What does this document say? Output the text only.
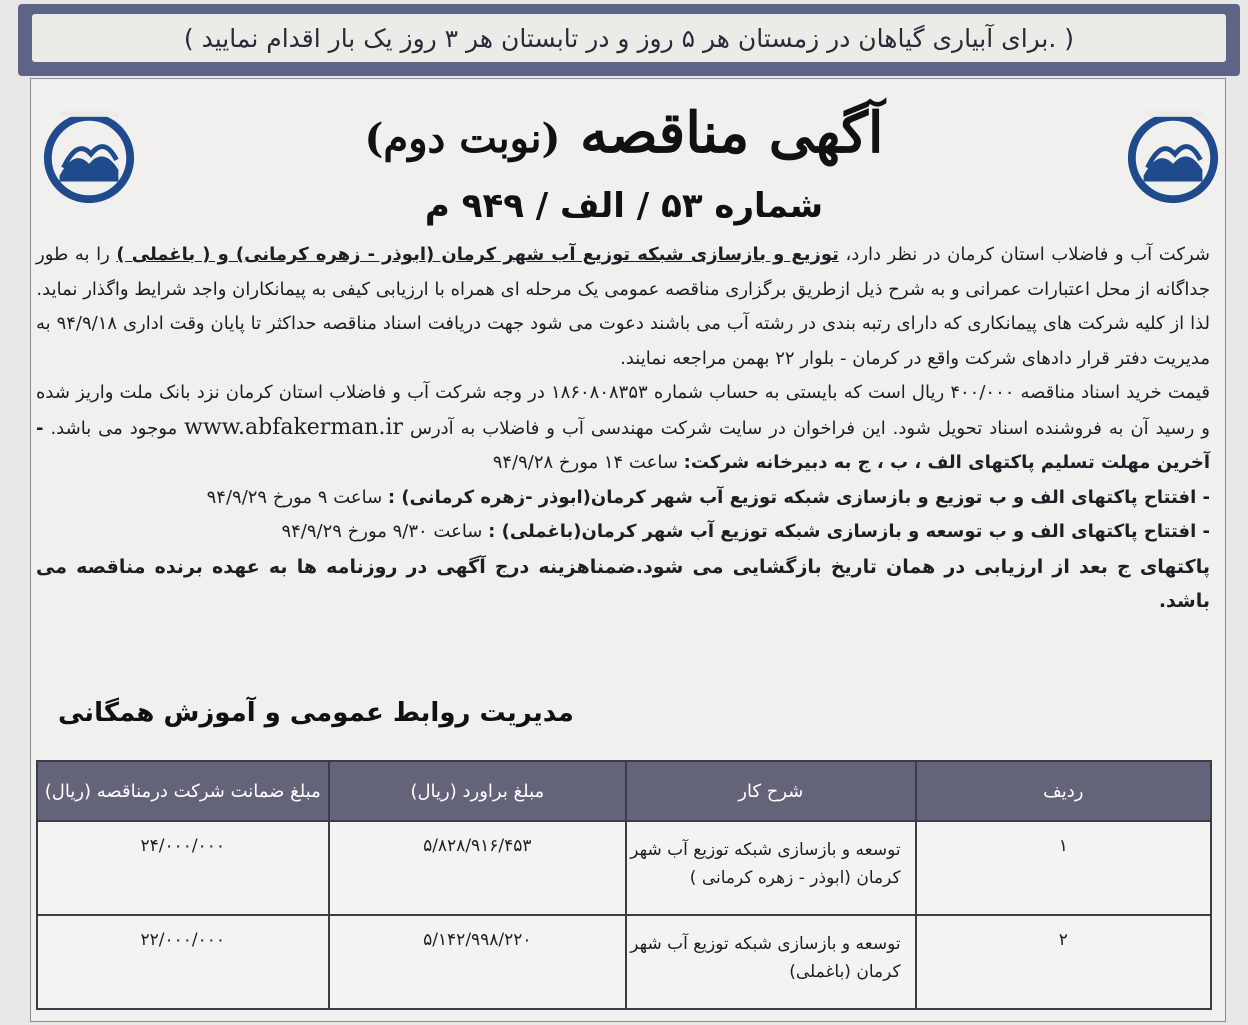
( برای آبیاری گیاهان در زمستان هر ۵ روز و در تابستان هر ۳ روز یک بار اقدام نمایید. )
آگهی مناقصه (نوبت دوم)
شماره ۵۳ / الف / ۹۴۹ م

شرکت آب و فاضلاب استان کرمان در نظر دارد، توزیع و بازسازی شبکه توزیع آب شهر کرمان (ابوذر - زهره کرمانی) و ( باغملی ) را به طور جداگانه از محل اعتبارات عمرانی و به شرح ذیل ازطریق برگزاری مناقصه عمومی یک مرحله ای همراه با ارزیابی کیفی به پیمانکاران واجد شرایط واگذار نماید.

لذا از کلیه شرکت های پیمانکاری که دارای رتبه بندی در رشته آب می باشند دعوت می شود جهت دریافت اسناد مناقصه حداکثر تا پایان وقت اداری ۹۴/۹/۱۸ به مدیریت دفتر قرار دادهای شرکت واقع در کرمان - بلوار ۲۲ بهمن مراجعه نمایند.

قیمت خرید اسناد مناقصه ۴۰۰/۰۰۰ ریال است که بایستی به حساب شماره ۱۸۶۰۸۰۸۳۵۳ در وجه شرکت آب و فاضلاب استان کرمان نزد بانک ملت واریز شده و رسید آن به فروشنده اسناد تحویل شود. این فراخوان در سایت شرکت مهندسی آب و فاضلاب به آدرس www.abfakerman.ir موجود می باشد. - آخرین مهلت تسلیم پاکتهای الف ، ب ، ج به دبیرخانه شرکت: ساعت ۱۴ مورخ ۹۴/۹/۲۸

- افتتاح پاکتهای الف و ب توزیع و بازسازی شبکه توزیع آب شهر کرمان(ابوذر -زهره کرمانی) : ساعت ۹ مورخ ۹۴/۹/۲۹

- افتتاح پاکتهای الف و ب توسعه و بازسازی شبکه توزیع آب شهر کرمان(باغملی) : ساعت ۹/۳۰ مورخ ۹۴/۹/۲۹

پاکتهای ج بعد از ارزیابی در همان تاریخ بازگشایی می شود.ضمناهزینه درج آگهی در روزنامه ها به عهده برنده مناقصه می باشد.

مدیریت روابط عمومی و آموزش همگانی
ردیف	شرح کار	مبلغ براورد (ریال)	مبلغ ضمانت شرکت درمناقصه (ریال)
۱	توسعه و بازسازی شبکه توزیع آب شهر
کرمان (ابوذر - زهره کرمانی )	۵/۸۲۸/۹۱۶/۴۵۳	۲۴/۰۰۰/۰۰۰
۲	توسعه و بازسازی شبکه توزیع آب شهر
کرمان (باغملی)	۵/۱۴۲/۹۹۸/۲۲۰	۲۲/۰۰۰/۰۰۰
